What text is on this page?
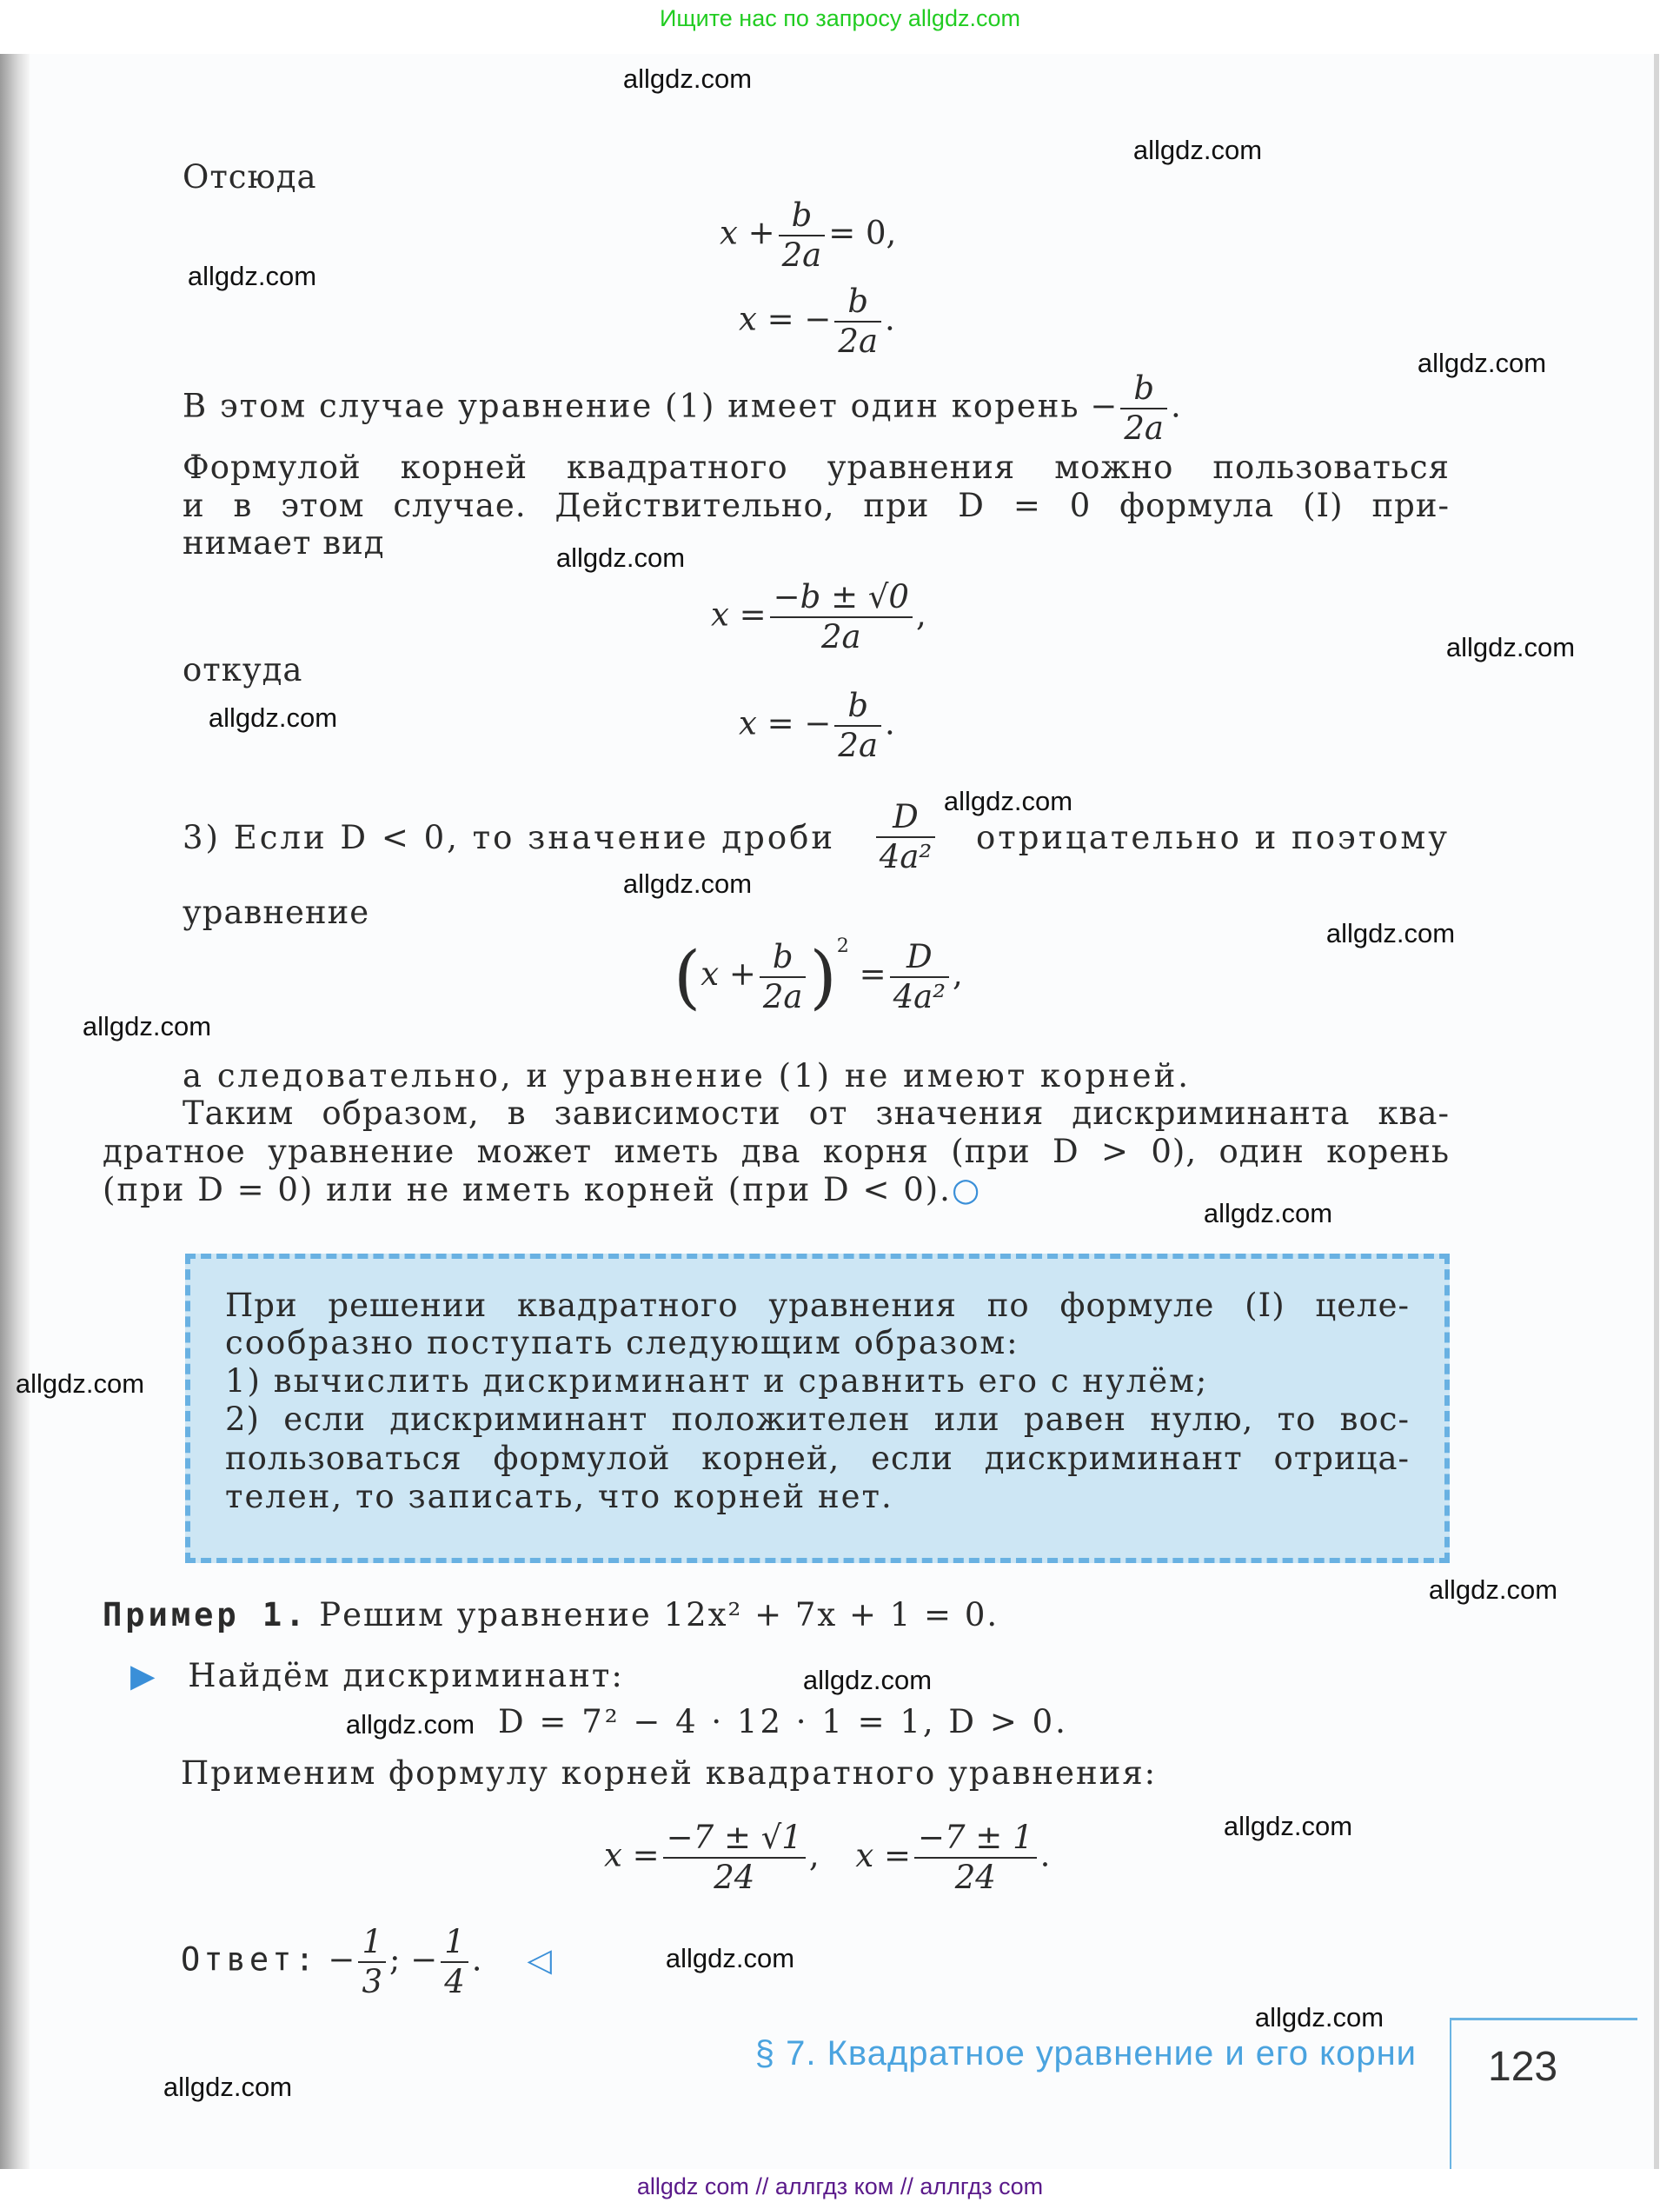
Ищите нас по запросу allgdz.com
Отсюда
$x + \frac{b}{2a} = 0$,
x = − $\frac{b}{2a}$ .
В этом случае уравнение (1) имеет один корень − $\frac{b}{2a}$ .
Формулой корней квадратного уравнения можно пользоваться
и в этом случае. Действительно, при D = 0 формула (I) при-
нимает вид
$x = \frac{-b \pm √0}{2a}$ ,
откуда
x = − $\frac{b}{2a}$ .
3) Если D < 0, то значение дроби $\frac{D}{\text{4a²}}$ отрицательно и поэтому
уравнение
$(x + \frac{b}{2a} )^2 = \frac{D}{\text{4a²}}$ ,
а следовательно, и уравнение (1) не имеют корней.
Таким образом, в зависимости от значения дискриминанта ква-
дратное уравнение может иметь два корня (при D > 0), один корень
(при D = 0) или не иметь корней (при D < 0).○
При решении квадратного уравнения по формуле (I) целе-
сообразно поступать следующим образом:
1) вычислить дискриминант и сравнить его с нулём;
2) если дискриминант положителен или равен нулю, то вос-
пользоваться формулой корней, если дискриминант отрица-
телен, то записать, что корней нет.
Пример 1. Решим уравнение 12x² + 7x + 1 = 0.
▶ Найдём дискриминант:
D = 7² − 4 · 12 · 1 = 1, D > 0.
Применим формулу корней квадратного уравнения:
$x = \frac{-7 \pm √1}{24}$ , $x = \frac{-7 \pm 1}{24}$ .
Ответ: − $\frac{1}{3}$ ; − $\frac{1}{4}$ . ◁
§ 7. Квадратное уравнение и его корни 123
allgdz.com
allgdz.com
allgdz.com
allgdz.com
allgdz.com
allgdz.com
allgdz.com
allgdz.com
allgdz.com
allgdz.com
allgdz.com
allgdz.com
allgdz.com
allgdz.com
allgdz.com
allgdz.com
allgdz.com
allgdz.com
allgdz.com
allgdz.com
allgdz com // аллгдз ком // аллгдз com
